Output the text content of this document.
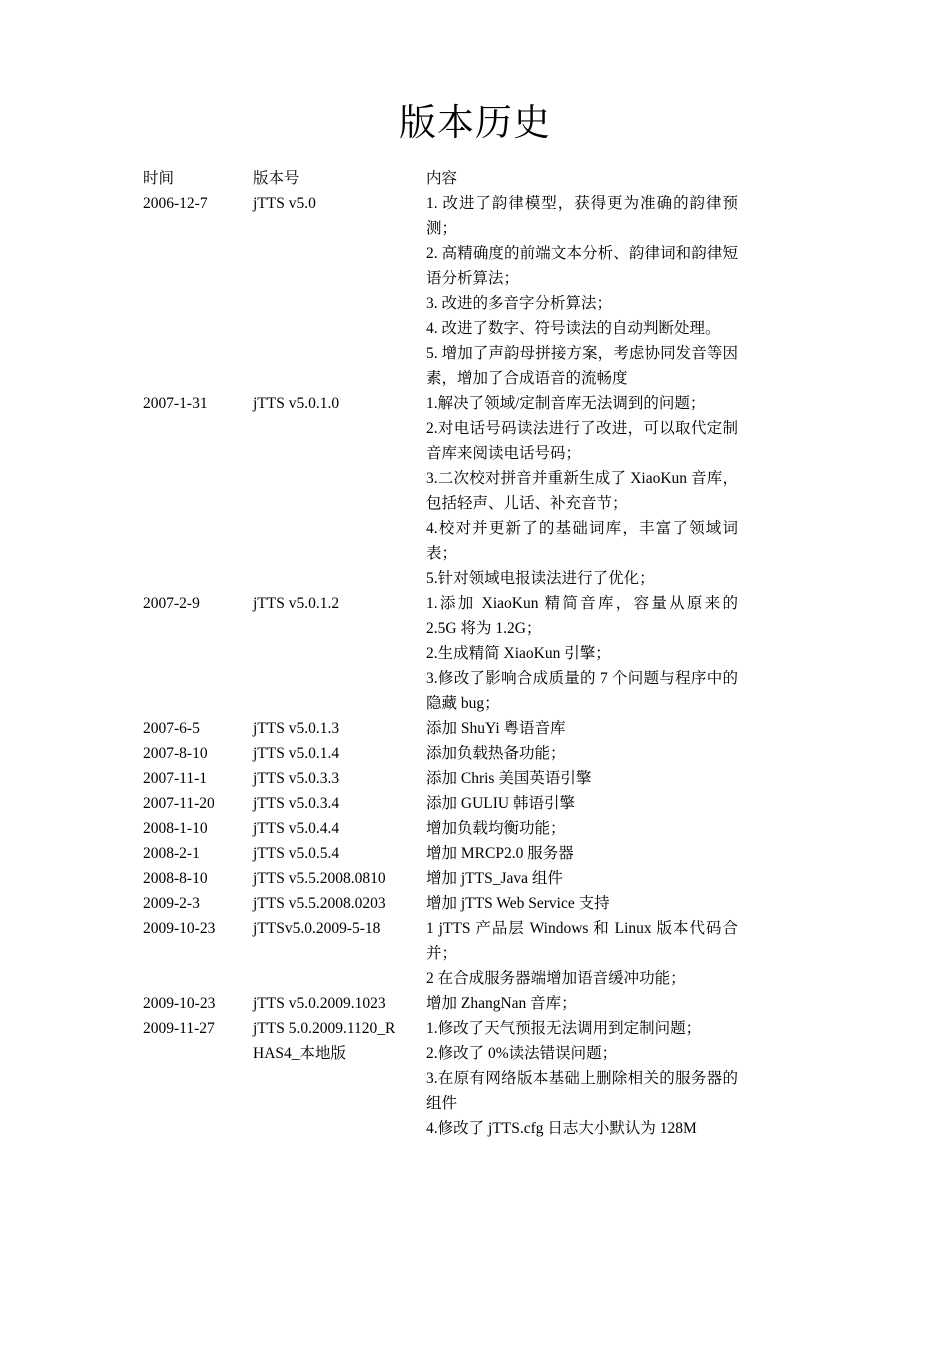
版本历史
时间	版本号	内容
2006-12-7	jTTS v5.0	1. 改进了韵律模型，获得更为准确的韵律预测；
2. 高精确度的前端文本分析、韵律词和韵律短语分析算法；
3. 改进的多音字分析算法；
4. 改进了数字、符号读法的自动判断处理。
5. 增加了声韵母拼接方案，考虑协同发音等因素，增加了合成语音的流畅度

2007-1-31	jTTS v5.0.1.0	1.解决了领域/定制音库无法调到的问题；
2.对电话号码读法进行了改进，可以取代定制音库来阅读电话号码；
3.二次校对拼音并重新生成了 XiaoKun 音库，包括轻声、儿话、补充音节；
4.校对并更新了的基础词库，丰富了领域词表；
5.针对领域电报读法进行了优化；

2007-2-9	jTTS v5.0.1.2	1.添加 XiaoKun 精简音库，容量从原来的 2.5G 将为 1.2G；
2.生成精简 XiaoKun 引擎；
3.修改了影响合成质量的 7 个问题与程序中的隐藏 bug；

2007-6-5	jTTS v5.0.1.3	添加 ShuYi 粤语音库

2007-8-10	jTTS v5.0.1.4	添加负载热备功能；

2007-11-1	jTTS v5.0.3.3	添加 Chris 美国英语引擎

2007-11-20	jTTS v5.0.3.4	添加 GULIU 韩语引擎

2008-1-10	jTTS v5.0.4.4	增加负载均衡功能；

2008-2-1	jTTS v5.0.5.4	增加 MRCP2.0 服务器

2008-8-10	jTTS v5.5.2008.0810	增加 jTTS_Java 组件

2009-2-3	jTTS v5.5.2008.0203	增加 jTTS Web Service 支持

2009-10-23	jTTSv5.0.2009-5-18	1 jTTS 产品层 Windows 和 Linux 版本代码合并；
2 在合成服务器端增加语音缓冲功能；

2009-10-23	jTTS v5.0.2009.1023	增加 ZhangNan 音库；

2009-11-27	jTTS 5.0.2009.1120_RHAS4_本地版	1.修改了天气预报无法调用到定制问题；
2.修改了 0%读法错误问题；
3.在原有网络版本基础上删除相关的服务器的组件
4.修改了 jTTS.cfg 日志大小默认为 128M
